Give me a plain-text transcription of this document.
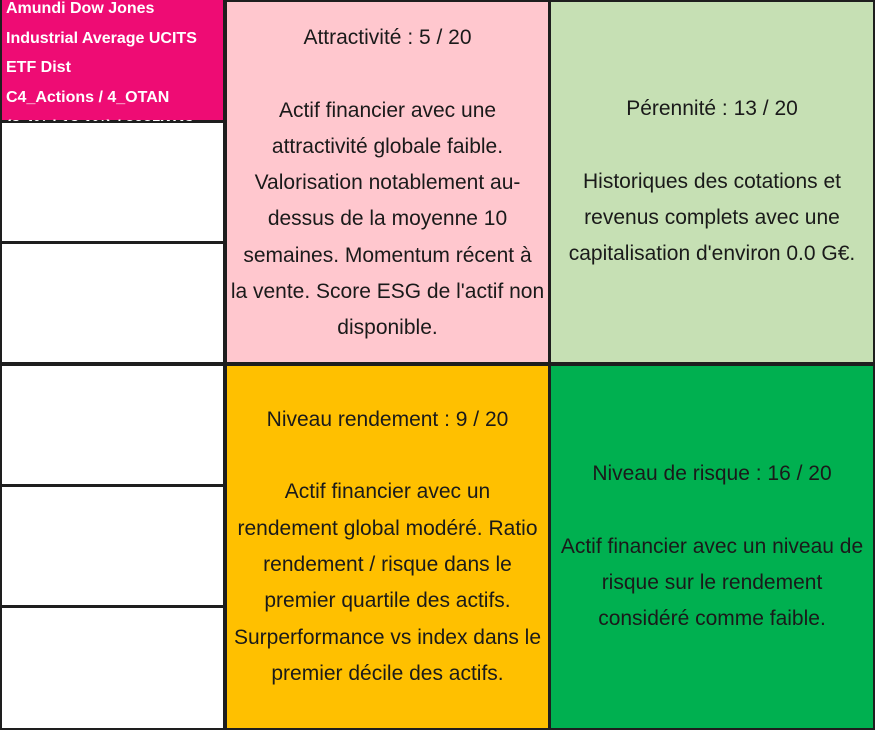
Amundi Dow Jones
Industrial Average UCITS
ETF Dist
C4_Actions / 4_OTAN
Attractivité : 5 / 20
Actif financier avec une
attractivité globale faible.
Valorisation notablement au-
dessus de la moyenne 10
semaines. Momentum récent à
la vente. Score ESG de l'actif non
disponible.
Pérennité : 13 / 20
Historiques des cotations et
revenus complets avec une
capitalisation d'environ 0.0 G€.
Niveau rendement : 9 / 20
Actif financier avec un
rendement global modéré. Ratio
rendement / risque dans le
premier quartile des actifs.
Surperformance vs index dans le
premier décile des actifs.
Niveau de risque : 16 / 20
Actif financier avec un niveau de
risque sur le rendement
considéré comme faible.
